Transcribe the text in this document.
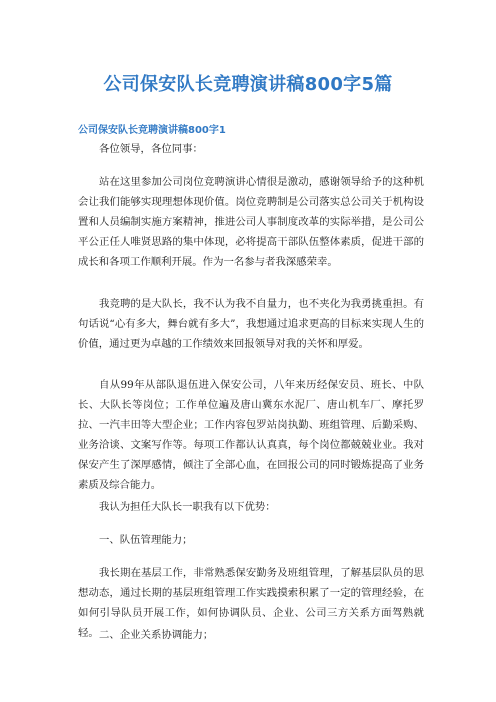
公司保安队长竞聘演讲稿800字5篇
公司保安队长竞聘演讲稿800字1

各位领导，各位同事：

站在这里参加公司岗位竞聘演讲心情很是激动，感谢领导给予的这种机会让我们能够实现理想体现价值。岗位竞聘制是公司落实总公司关于机构设置和人员编制实施方案精神，推进公司人事制度改革的实际举措，是公司公平公正任人唯贤思路的集中体现，必将提高干部队伍整体素质，促进干部的成长和各项工作顺利开展。作为一名参与者我深感荣幸。

我竞聘的是大队长，我不认为我不自量力，也不夹化为我勇挑重担。有句话说“心有多大，舞台就有多大”，我想通过追求更高的目标来实现人生的价值，通过更为卓越的工作绩效来回报领导对我的关怀和厚爱。

自从99年从部队退伍进入保安公司，八年来历经保安员、班长、中队长、大队长等岗位；工作单位遍及唐山冀东水泥厂、唐山机车厂、摩托罗拉、一汽丰田等大型企业；工作内容包罗站岗执勤、班组管理、后勤采购、业务洽谈、文案写作等。每项工作都认认真真，每个岗位都兢兢业业。我对保安产生了深厚感情，倾注了全部心血，在回报公司的同时锻炼提高了业务素质及综合能力。

我认为担任大队长一职我有以下优势：

一、队伍管理能力；

我长期在基层工作，非常熟悉保安勤务及班组管理，了解基层队员的思想动态，通过长期的基层班组管理工作实践摸索积累了一定的管理经验，在如何引导队员开展工作，如何协调队员、企业、公司三方关系方面驾熟就轻。 二、企业关系协调能力；
